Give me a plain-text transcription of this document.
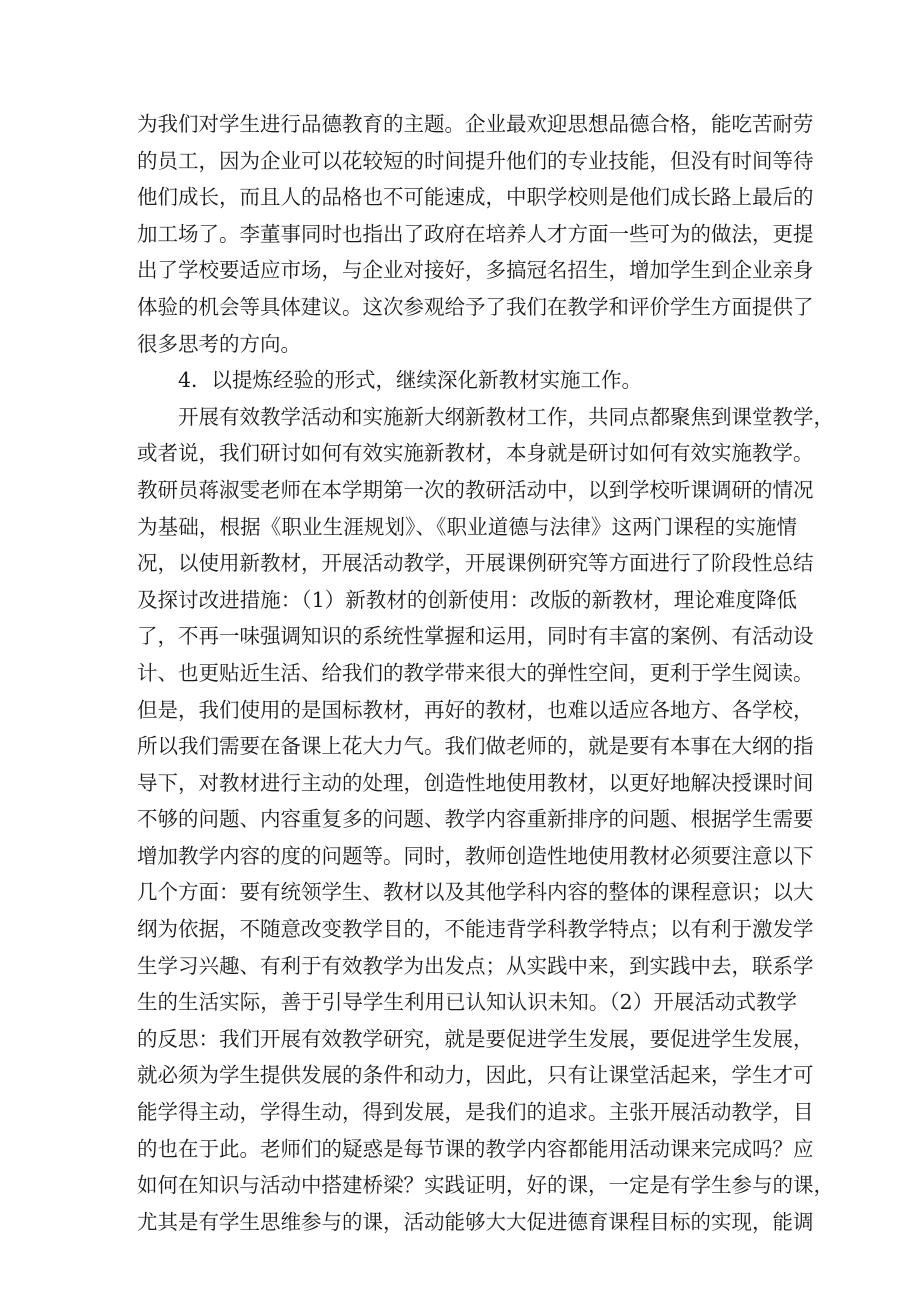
为我们对学生进行品德教育的主题。企业最欢迎思想品德合格，能吃苦耐劳
的员工，因为企业可以花较短的时间提升他们的专业技能，但没有时间等待
他们成长，而且人的品格也不可能速成，中职学校则是他们成长路上最后的
加工场了。李董事同时也指出了政府在培养人才方面一些可为的做法，更提
出了学校要适应市场，与企业对接好，多搞冠名招生，增加学生到企业亲身
体验的机会等具体建议。这次参观给予了我们在教学和评价学生方面提供了
很多思考的方向。
4．以提炼经验的形式，继续深化新教材实施工作。
开展有效教学活动和实施新大纲新教材工作，共同点都聚焦到课堂教学，
或者说，我们研讨如何有效实施新教材，本身就是研讨如何有效实施教学。
教研员蒋淑雯老师在本学期第一次的教研活动中，以到学校听课调研的情况
为基础，根据《职业生涯规划》、《职业道德与法律》这两门课程的实施情
况，以使用新教材，开展活动教学，开展课例研究等方面进行了阶段性总结
及探讨改进措施：（1）新教材的创新使用：改版的新教材，理论难度降低
了，不再一味强调知识的系统性掌握和运用，同时有丰富的案例、有活动设
计、也更贴近生活、给我们的教学带来很大的弹性空间，更利于学生阅读。
但是，我们使用的是国标教材，再好的教材，也难以适应各地方、各学校，
所以我们需要在备课上花大力气。我们做老师的，就是要有本事在大纲的指
导下，对教材进行主动的处理，创造性地使用教材，以更好地解决授课时间
不够的问题、内容重复多的问题、教学内容重新排序的问题、根据学生需要
增加教学内容的度的问题等。同时，教师创造性地使用教材必须要注意以下
几个方面：要有统领学生、教材以及其他学科内容的整体的课程意识；以大
纲为依据，不随意改变教学目的，不能违背学科教学特点；以有利于激发学
生学习兴趣、有利于有效教学为出发点；从实践中来，到实践中去，联系学
生的生活实际，善于引导学生利用已认知认识未知。（2）开展活动式教学
的反思：我们开展有效教学研究，就是要促进学生发展，要促进学生发展，
就必须为学生提供发展的条件和动力，因此，只有让课堂活起来，学生才可
能学得主动，学得生动，得到发展，是我们的追求。主张开展活动教学，目
的也在于此。老师们的疑惑是每节课的教学内容都能用活动课来完成吗？应
如何在知识与活动中搭建桥梁？实践证明，好的课，一定是有学生参与的课，
尤其是有学生思维参与的课，活动能够大大促进德育课程目标的实现，能调
